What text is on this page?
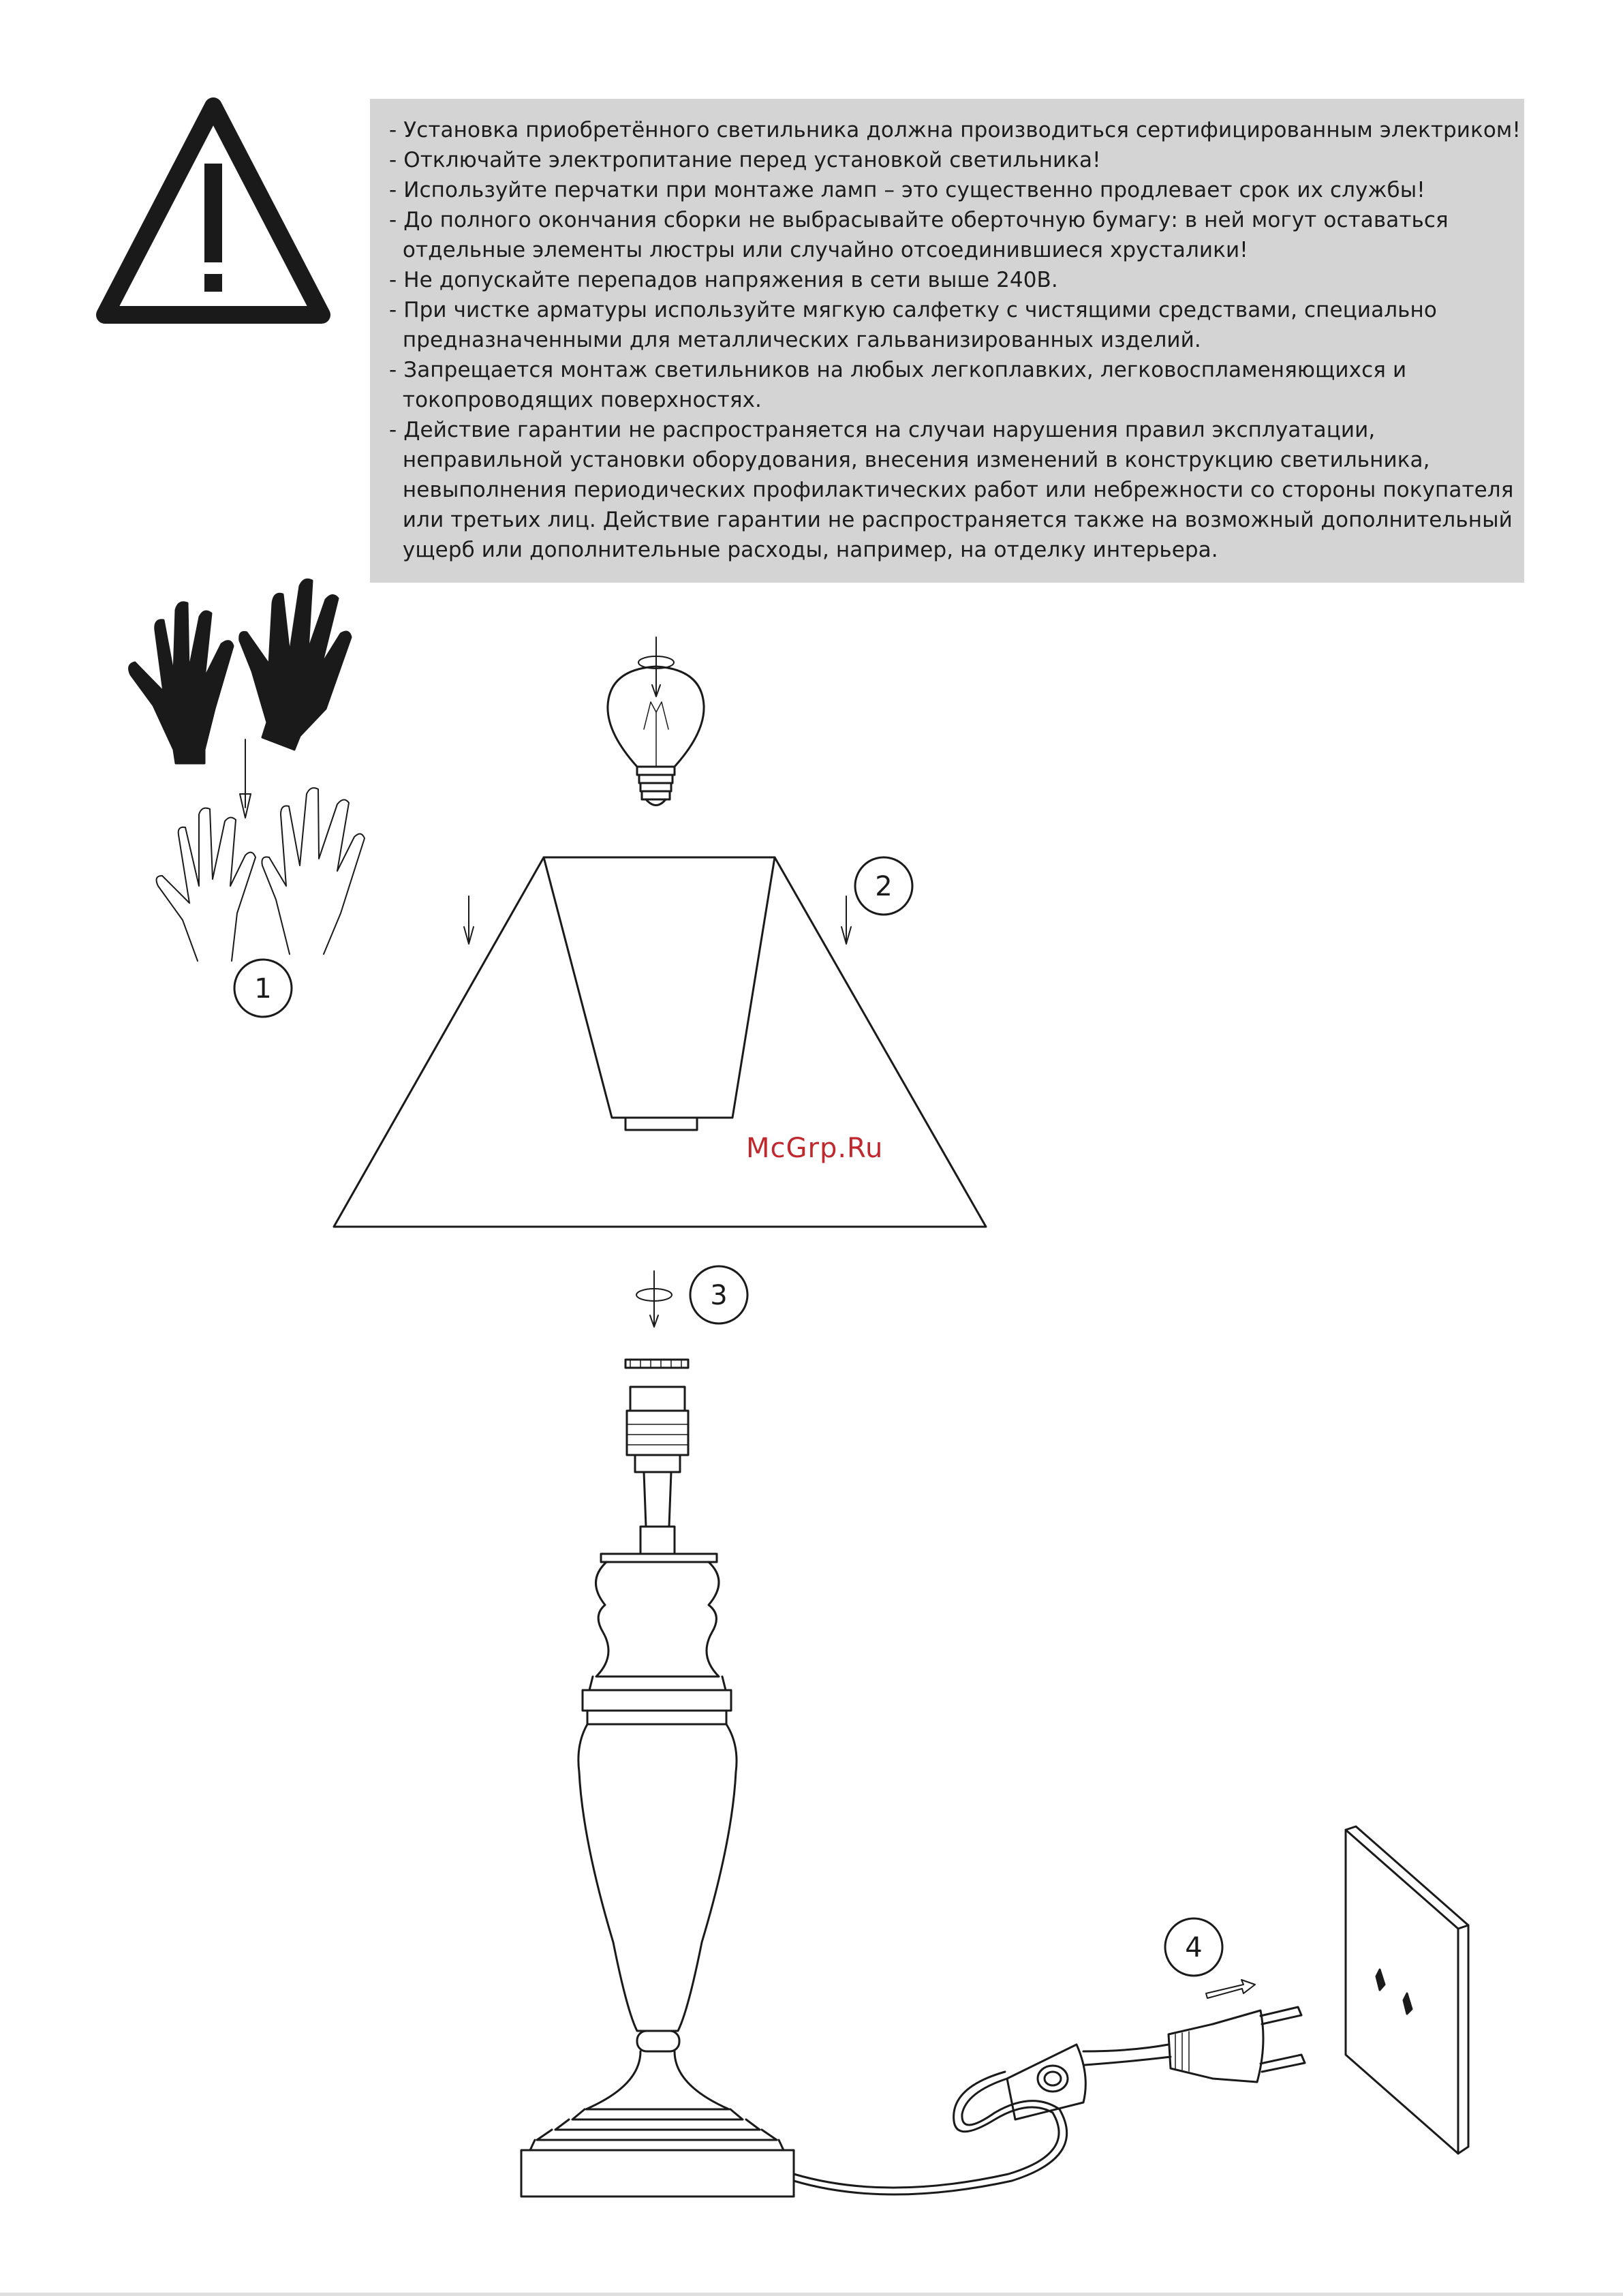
- Установка приобретённого светильника должна производиться сертифицированным электриком!
- Отключайте электропитание перед установкой светильника!
- Используйте перчатки при монтаже ламп – это существенно продлевает срок их службы!
- До полного окончания сборки не выбрасывайте оберточную бумагу: в ней могут оставаться
отдельные элементы люстры или случайно отсоединившиеся хрусталики!
- Не допускайте перепадов напряжения в сети выше 240В.
- При чистке арматуры используйте мягкую салфетку с чистящими средствами, специально
предназначенными для металлических гальванизированных изделий.
- Запрещается монтаж светильников на любых легкоплавких, легковоспламеняющихся и
токопроводящих поверхностях.
- Действие гарантии не распространяется на случаи нарушения правил эксплуатации,
неправильной установки оборудования, внесения изменений в конструкцию светильника,
невыполнения периодических профилактических работ или небрежности со стороны покупателя
или третьих лиц. Действие гарантии не распространяется также на возможный дополнительный
ущерб или дополнительные расходы, например, на отделку интерьера.
1
2
3
4
McGrp.Ru
